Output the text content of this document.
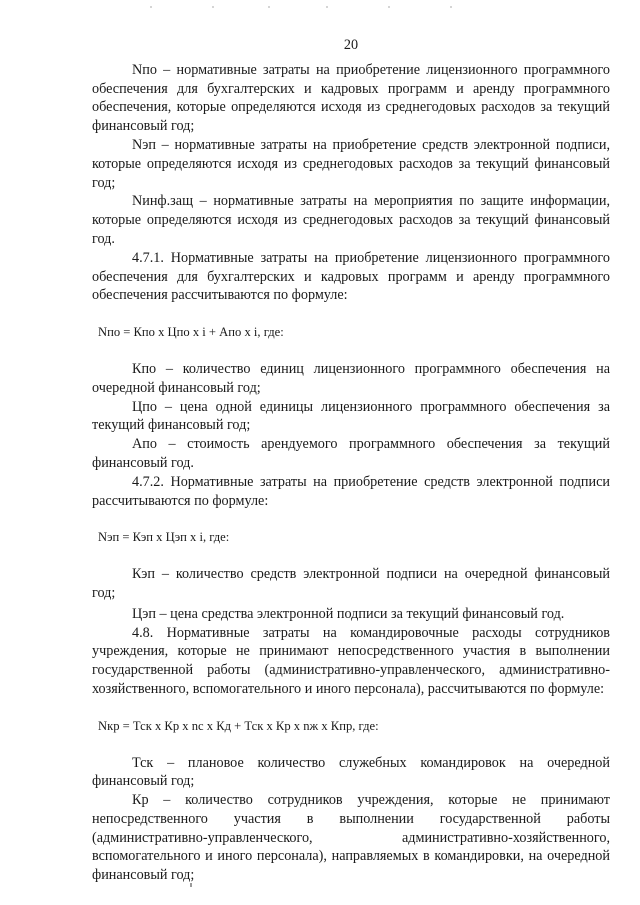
20

Nпо – нормативные затраты на приобретение лицензионного программного обеспечения для бухгалтерских и кадровых программ и аренду программного обеспечения, которые определяются исходя из среднегодовых расходов за текущий финансовый год;

Nэп – нормативные затраты на приобретение средств электронной подписи, которые определяются исходя из среднегодовых расходов за текущий финансовый год;

Nинф.защ – нормативные затраты на мероприятия по защите информации, которые определяются исходя из среднегодовых расходов за текущий финансовый год.

4.7.1. Нормативные затраты на приобретение лицензионного программного обеспечения для бухгалтерских и кадровых программ и аренду программного обеспечения рассчитываются по формуле:

Nпо = Кпо х Цпо х i + Апо х i, где:

Кпо – количество единиц лицензионного программного обеспечения на очередной финансовый год;

Цпо – цена одной единицы лицензионного программного обеспечения за текущий финансовый год;

Апо – стоимость арендуемого программного обеспечения за текущий финансовый год.

4.7.2. Нормативные затраты на приобретение средств электронной подписи рассчитываются по формуле:

Nэп = Кэп х Цэп х i, где:

Кэп – количество средств электронной подписи на очередной финансовый год;

Цэп – цена средства электронной подписи за текущий финансовый год.

4.8. Нормативные затраты на командировочные расходы сотрудников учреждения, которые не принимают непосредственного участия в выполнении государственной работы (административно-управленческого, административно-хозяйственного, вспомогательного и иного персонала), рассчитываются по формуле:

Nкр = Тск х Кр х nс х Кд + Тск х Кр х nж х Кпр, где:

Тск – плановое количество служебных командировок на очередной финансовый год;

Кр – количество сотрудников учреждения, которые не принимают непосредственного участия в выполнении государственной работы (административно-управленческого, административно-хозяйственного, вспомогательного и иного персонала), направляемых в командировки, на очередной финансовый год;
